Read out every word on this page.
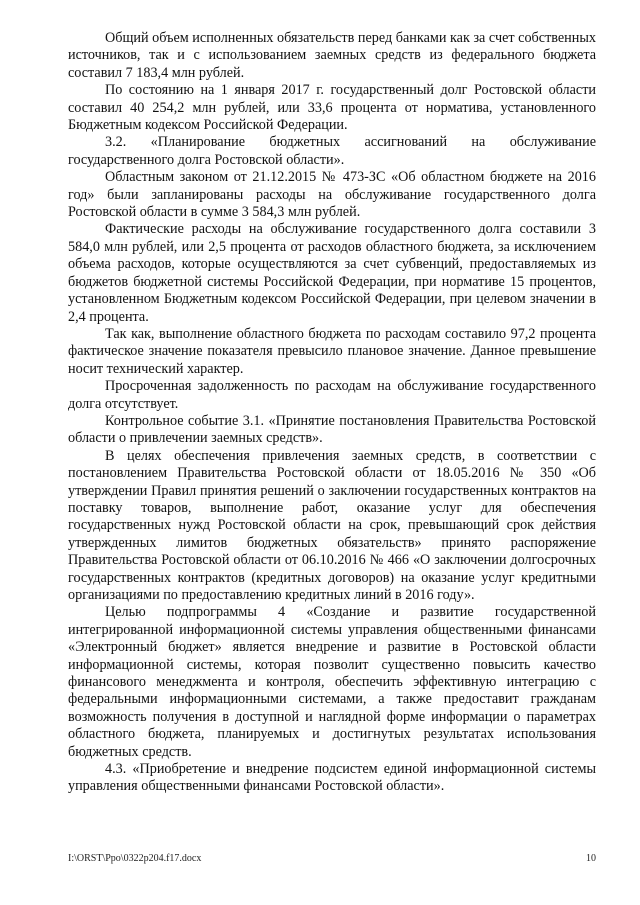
Общий объем исполненных обязательств перед банками как за счет собственных источников, так и с использованием заемных средств из федерального бюджета составил 7 183,4 млн рублей.

По состоянию на 1 января 2017 г. государственный долг Ростовской области составил 40 254,2 млн рублей, или 33,6 процента от норматива, установленного Бюджетным кодексом Российской Федерации.

3.2. «Планирование бюджетных ассигнований на обслуживание государственного долга Ростовской области».

Областным законом от 21.12.2015 № 473-ЗС «Об областном бюджете на 2016 год» были запланированы расходы на обслуживание государственного долга Ростовской области в сумме 3 584,3 млн рублей.

Фактические расходы на обслуживание государственного долга составили 3 584,0 млн рублей, или 2,5 процента от расходов областного бюджета, за исключением объема расходов, которые осуществляются за счет субвенций, предоставляемых из бюджетов бюджетной системы Российской Федерации, при нормативе 15 процентов, установленном Бюджетным кодексом Российской Федерации, при целевом значении в 2,4 процента.

Так как, выполнение областного бюджета по расходам составило 97,2 процента фактическое значение показателя превысило плановое значение. Данное превышение носит технический характер.

Просроченная задолженность по расходам на обслуживание государственного долга отсутствует.

Контрольное событие 3.1. «Принятие постановления Правительства Ростовской области о привлечении заемных средств».

В целях обеспечения привлечения заемных средств, в соответствии с постановлением Правительства Ростовской области от 18.05.2016 № 350 «Об утверждении Правил принятия решений о заключении государственных контрактов на поставку товаров, выполнение работ, оказание услуг для обеспечения государственных нужд Ростовской области на срок, превышающий срок действия утвержденных лимитов бюджетных обязательств» принято распоряжение Правительства Ростовской области от 06.10.2016 № 466 «О заключении долгосрочных государственных контрактов (кредитных договоров) на оказание услуг кредитными организациями по предоставлению кредитных линий в 2016 году».

Целью подпрограммы 4 «Создание и развитие государственной интегрированной информационной системы управления общественными финансами «Электронный бюджет» является внедрение и развитие в Ростовской области информационной системы, которая позволит существенно повысить качество финансового менеджмента и контроля, обеспечить эффективную интеграцию с федеральными информационными системами, а также предоставит гражданам возможность получения в доступной и наглядной форме информации о параметрах областного бюджета, планируемых и достигнутых результатах использования бюджетных средств.

4.3. «Приобретение и внедрение подсистем единой информационной системы управления общественными финансами Ростовской области».

I:\ORST\Ppo\0322p204.f17.docx	10
